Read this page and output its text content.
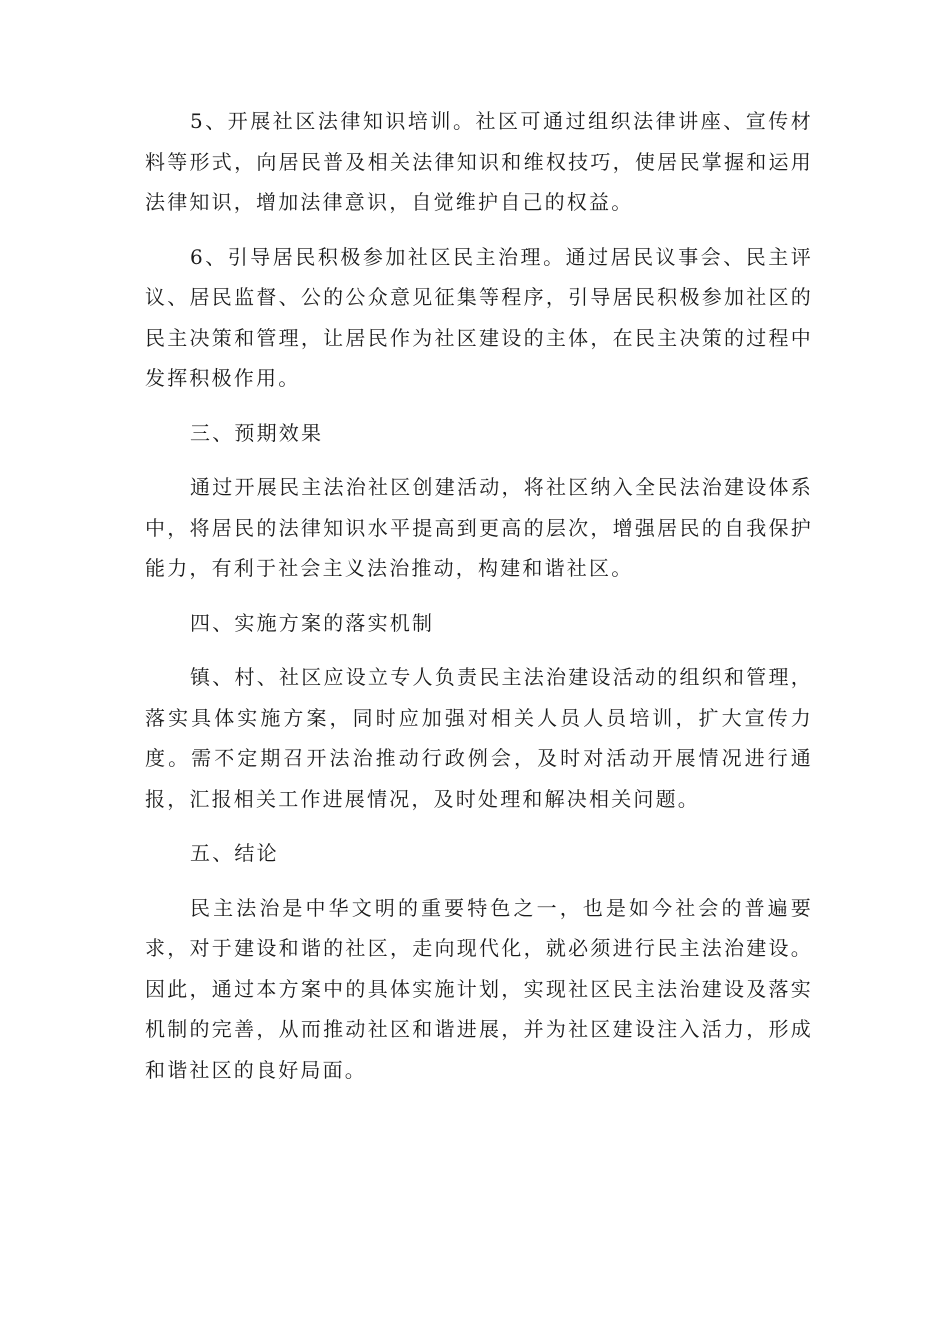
5、开展社区法律知识培训。社区可通过组织法律讲座、宣传材料等形式，向居民普及相关法律知识和维权技巧，使居民掌握和运用法律知识，增加法律意识，自觉维护自己的权益。

6、引导居民积极参加社区民主治理。通过居民议事会、民主评议、居民监督、公的公众意见征集等程序，引导居民积极参加社区的民主决策和管理，让居民作为社区建设的主体，在民主决策的过程中发挥积极作用。

三、预期效果

通过开展民主法治社区创建活动，将社区纳入全民法治建设体系中，将居民的法律知识水平提高到更高的层次，增强居民的自我保护能力，有利于社会主义法治推动，构建和谐社区。

四、实施方案的落实机制

镇、村、社区应设立专人负责民主法治建设活动的组织和管理，落实具体实施方案，同时应加强对相关人员人员培训，扩大宣传力度。需不定期召开法治推动行政例会，及时对活动开展情况进行通报，汇报相关工作进展情况，及时处理和解决相关问题。

五、结论

民主法治是中华文明的重要特色之一，也是如今社会的普遍要求，对于建设和谐的社区，走向现代化，就必须进行民主法治建设。因此，通过本方案中的具体实施计划，实现社区民主法治建设及落实机制的完善，从而推动社区和谐进展，并为社区建设注入活力，形成和谐社区的良好局面。
